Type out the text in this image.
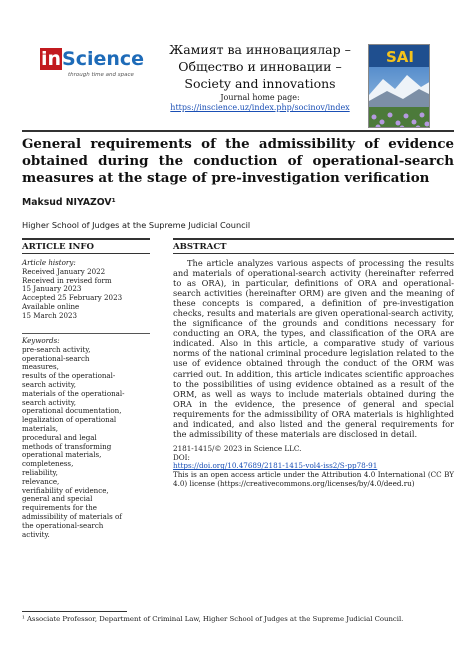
inScience
through time and space
Жамият ва инновациялар –
Общество и инновации –
Society and innovations
Journal home page:
https://inscience.uz/index.php/socinov/index
SAI
General requirements of the admissibility of evidence obtained during the conduction of operational-search measures at the stage of pre-investigation verification
Maksud NIYAZOV¹
Higher School of Judges at the Supreme Judicial Council
ARTICLE INFO
Article history:
Received January 2022
Received in revised form
15 January 2023
Accepted 25 February 2023
Available online
15 March 2023
Keywords:
pre-search activity,
operational-search
measures,
results of the operational-
search activity,
materials of the operational-
search activity,
operational documentation,
legalization of operational
materials,
procedural and legal
methods of transforming
operational materials,
completeness,
reliability,
relevance,
verifiability of evidence,
general and special
requirements for the
admissibility of materials of
the operational-search
activity.
ABSTRACT

The article analyzes various aspects of processing the results and materials of operational-search activity (hereinafter referred to as ORA), in particular, definitions of ORA and operational-search activities (hereinafter ORM) are given and the meaning of these concepts is compared, a definition of pre-investigation checks, results and materials are given operational-search activity, the significance of the grounds and conditions necessary for conducting an ORA, the types, and classification of the ORA are indicated. Also in this article, a comparative study of various norms of the national criminal procedure legislation related to the use of evidence obtained through the conduct of the ORM was carried out. In addition, this article indicates scientific approaches to the possibilities of using evidence obtained as a result of the ORM, as well as ways to include materials obtained during the ORA in the evidence, the presence of general and special requirements for the admissibility of ORA materials is highlighted and indicated, and also listed and the general requirements for the admissibility of these materials are disclosed in detail.

2181-1415/© 2023 in Science LLC.
DOI:
https://doi.org/10.47689/2181-1415-vol4-iss2/S-pp78-91
This is an open access article under the Attribution 4.0 International (CC BY 4.0) license (https://creativecommons.org/licenses/by/4.0/deed.ru)
¹ Associate Professor, Department of Criminal Law, Higher School of Judges at the Supreme Judicial Council.
